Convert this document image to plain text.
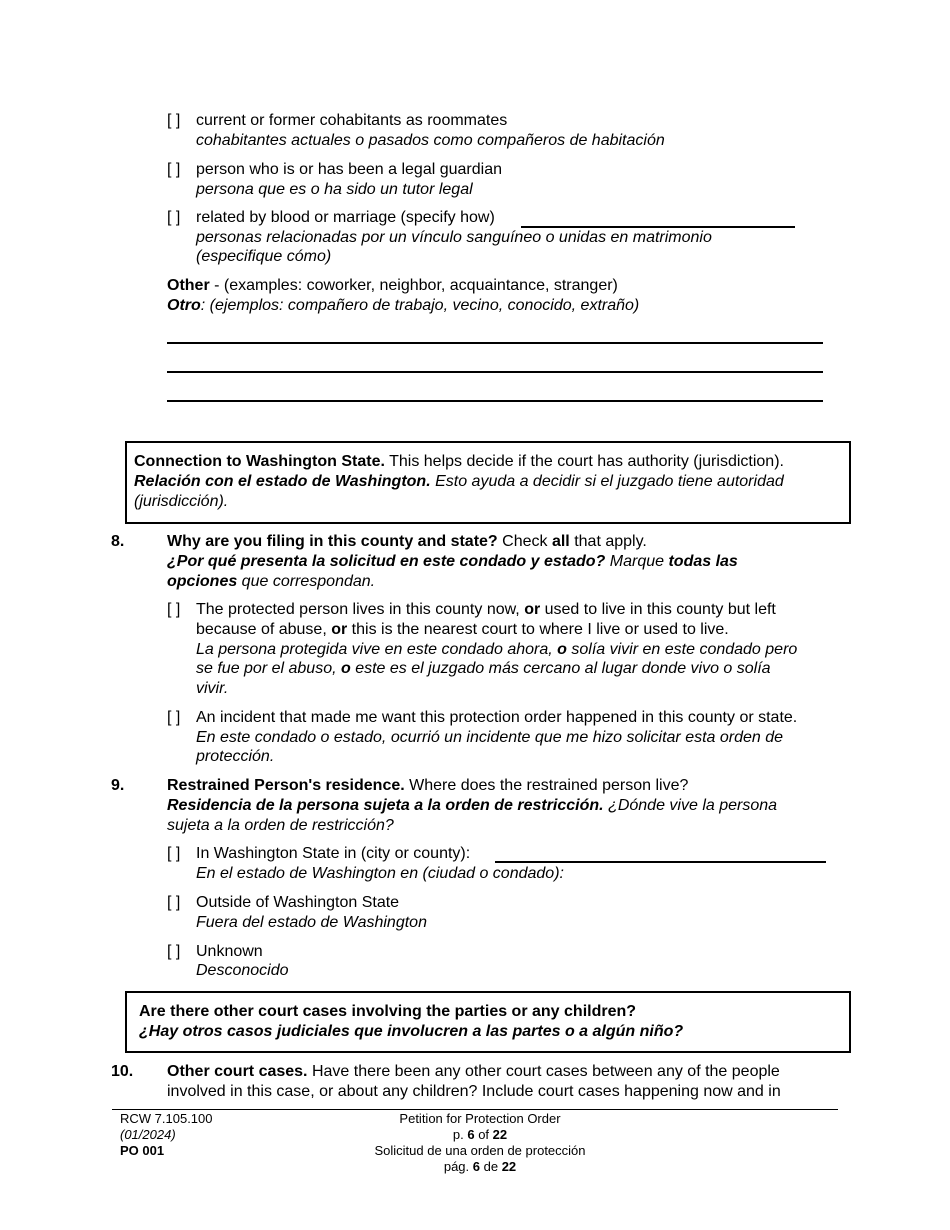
[ ] current or former cohabitants as roommates
cohabitantes actuales o pasados como compañeros de habitación
[ ] person who is or has been a legal guardian
persona que es o ha sido un tutor legal
[ ] related by blood or marriage (specify how)
personas relacionadas por un vínculo sanguíneo o unidas en matrimonio
(especifique cómo)
Other - (examples: coworker, neighbor, acquaintance, stranger)
Otro: (ejemplos: compañero de trabajo, vecino, conocido, extraño)
Connection to Washington State. This helps decide if the court has authority (jurisdiction).
Relación con el estado de Washington. Esto ayuda a decidir si el juzgado tiene autoridad
(jurisdicción).
8.	Why are you filing in this county and state? Check all that apply.
¿Por qué presenta la solicitud en este condado y estado? Marque todas las
opciones que correspondan.
[ ] The protected person lives in this county now, or used to live in this county but left
because of abuse, or this is the nearest court to where I live or used to live.
La persona protegida vive en este condado ahora, o solía vivir en este condado pero
se fue por el abuso, o este es el juzgado más cercano al lugar donde vivo o solía
vivir.
[ ] An incident that made me want this protection order happened in this county or state.
En este condado o estado, ocurrió un incidente que me hizo solicitar esta orden de
protección.
9.	Restrained Person's residence. Where does the restrained person live?
Residencia de la persona sujeta a la orden de restricción. ¿Dónde vive la persona
sujeta a la orden de restricción?
[ ] In Washington State in (city or county):
En el estado de Washington en (ciudad o condado):
[ ] Outside of Washington State
Fuera del estado de Washington
[ ] Unknown
Desconocido
Are there other court cases involving the parties or any children?
¿Hay otros casos judiciales que involucren a las partes o a algún niño?
10. Other court cases. Have there been any other court cases between any of the people
involved in this case, or about any children? Include court cases happening now and in
RCW 7.105.100
(01/2024)
PO 001
Petition for Protection Order
p. 6 of 22
Solicitud de una orden de protección
pág. 6 de 22
